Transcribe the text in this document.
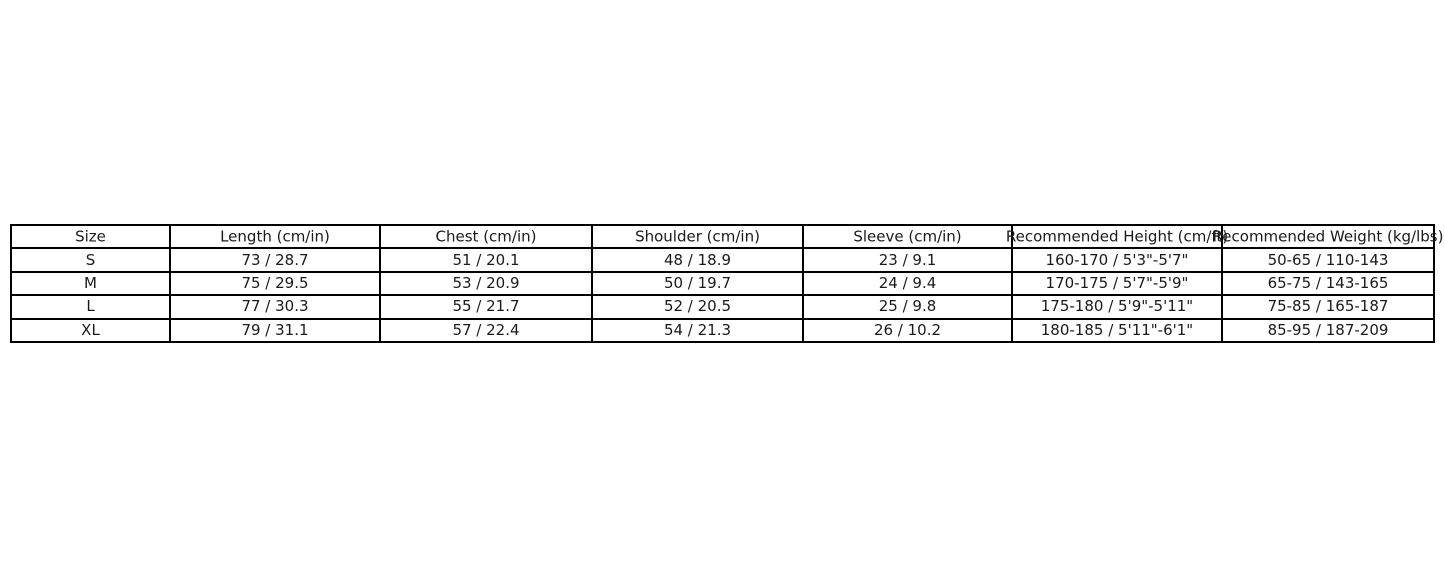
Size	Length (cm/in)	Chest (cm/in)	Shoulder (cm/in)	Sleeve (cm/in)	Recommended Height (cm/ft)	Recommended Weight (kg/lbs)

S	73 / 28.7	51 / 20.1	48 / 18.9	23 / 9.1	160-170 / 5'3"-5'7"	50-65 / 110-143
M	75 / 29.5	53 / 20.9	50 / 19.7	24 / 9.4	170-175 / 5'7"-5'9"	65-75 / 143-165
L	77 / 30.3	55 / 21.7	52 / 20.5	25 / 9.8	175-180 / 5'9"-5'11"	75-85 / 165-187
XL	79 / 31.1	57 / 22.4	54 / 21.3	26 / 10.2	180-185 / 5'11"-6'1"	85-95 / 187-209
